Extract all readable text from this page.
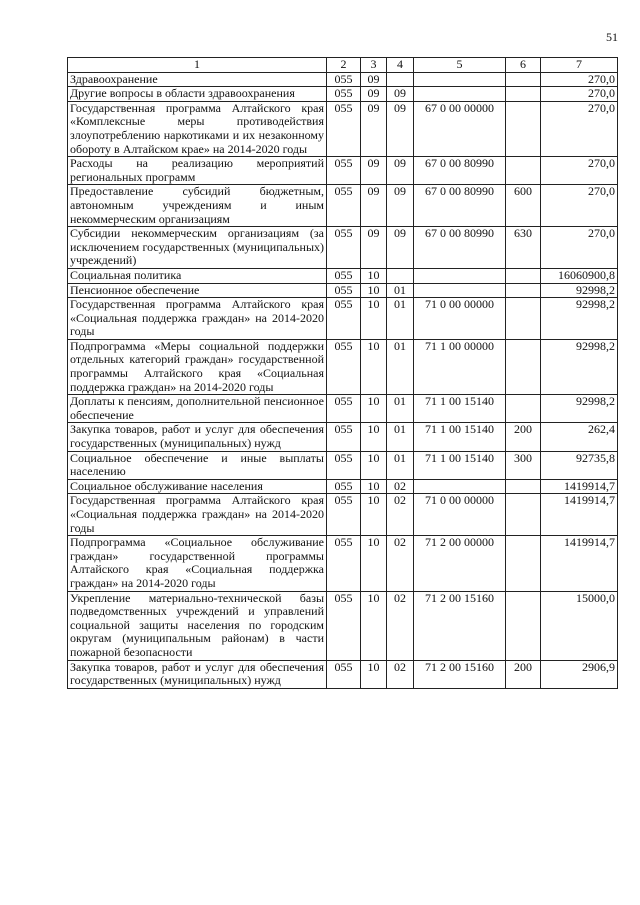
51
1	2	3	4	5	6	7
Здравоохранение	055	09				270,0
Другие вопросы в области здравоохранения	055	09	09			270,0
Государственная программа Алтайского края «Комплексные меры противодействия злоупотреблению наркотиками и их незаконному обороту в Алтайском крае» на 2014-2020 годы	055	09	09	67 0 00 00000		270,0
Расходы на реализацию мероприятий региональных программ	055	09	09	67 0 00 80990		270,0
Предоставление субсидий бюджетным, автономным учреждениям и иным некоммерческим организациям	055	09	09	67 0 00 80990	600	270,0
Субсидии некоммерческим организациям (за исключением государственных (муниципальных) учреждений)	055	09	09	67 0 00 80990	630	270,0
Социальная политика	055	10				16060900,8
Пенсионное обеспечение	055	10	01			92998,2
Государственная программа Алтайского края «Социальная поддержка граждан» на 2014-2020 годы	055	10	01	71 0 00 00000		92998,2
Подпрограмма «Меры социальной поддержки отдельных категорий граждан» государственной программы Алтайского края «Социальная поддержка граждан» на 2014-2020 годы	055	10	01	71 1 00 00000		92998,2
Доплаты к пенсиям, дополнительной пенсионное обеспечение	055	10	01	71 1 00 15140		92998,2
Закупка товаров, работ и услуг для обеспечения государственных (муниципальных) нужд	055	10	01	71 1 00 15140	200	262,4
Социальное обеспечение и иные выплаты населению	055	10	01	71 1 00 15140	300	92735,8
Социальное обслуживание населения	055	10	02			1419914,7
Государственная программа Алтайского края «Социальная поддержка граждан» на 2014-2020 годы	055	10	02	71 0 00 00000		1419914,7
Подпрограмма «Социальное обслуживание граждан» государственной программы Алтайского края «Социальная поддержка граждан» на 2014-2020 годы	055	10	02	71 2 00 00000		1419914,7
Укрепление материально-технической базы подведомственных учреждений и управлений социальной защиты населения по городским округам (муниципальным районам) в части пожарной безопасности	055	10	02	71 2 00 15160		15000,0
Закупка товаров, работ и услуг для обеспечения государственных (муниципальных) нужд	055	10	02	71 2 00 15160	200	2906,9
